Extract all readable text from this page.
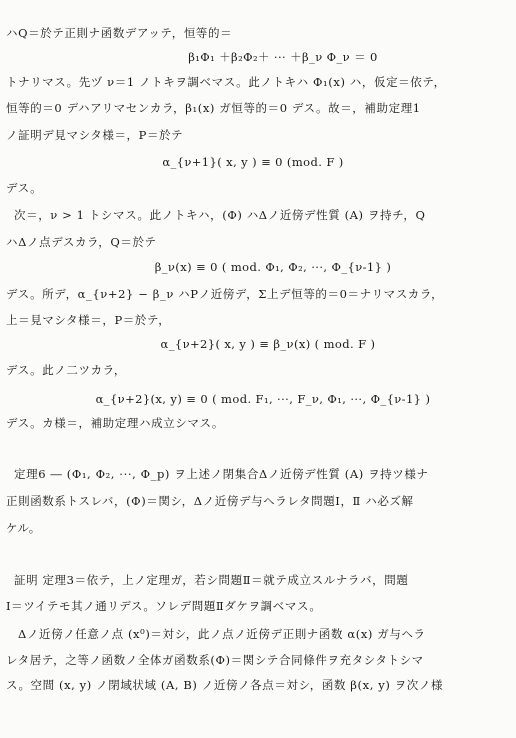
ハQ＝於テ正則ナ函数デアッテ，恒等的＝
β₁Φ₁ ＋β₂Φ₂＋ ··· ＋β_ν Φ_ν ＝ 0
トナリマス。先ヅ ν＝1 ノトキヲ調ベマス。此ノトキハ Φ₁(x) ハ，仮定＝依テ，
恒等的＝0 デハアリマセンカラ，β₁(x) ガ恒等的＝0 デス。故＝，補助定理1
ノ証明デ見マシタ様＝，P＝於テ
α_{ν+1}( x, y ) ≡ 0 (mod. F )
デス。
次＝，ν > 1 トシマス。此ノトキハ，(Φ) ハΔノ近傍デ性質 (A) ヲ持チ，Q
ハΔノ点デスカラ，Q＝於テ
β_ν(x) ≡ 0 ( mod. Φ₁, Φ₂, ···, Φ_{ν-1} )
デス。所デ，α_{ν+2} − β_ν ハPノ近傍デ，Σ上デ恒等的＝0＝ナリマスカラ，
上＝見マシタ様＝，P＝於テ，
α_{ν+2}( x, y ) ≡ β_ν(x) ( mod. F )
デス。此ノ二ツカラ，
α_{ν+2}(x, y) ≡ 0 ( mod. F₁, ···, F_ν, Φ₁, ···, Φ_{ν-1} )
デス。カ様＝，補助定理ハ成立シマス。
定理6 ― (Φ₁, Φ₂, ···, Φ_p) ヲ上述ノ閉集合Δノ近傍デ性質 (A) ヲ持ツ様ナ
正則函数系トスレバ，(Φ)＝関シ，Δノ近傍デ与ヘラレタ問題Ⅰ，Ⅱ ハ必ズ解
ケル。
証明 定理3＝依テ，上ノ定理ガ，若シ問題Ⅱ＝就テ成立スルナラバ，問題
Ⅰ＝ツイテモ其ノ通リデス。ソレデ問題Ⅱダケヲ調ベマス。
Δノ近傍ノ任意ノ点 (x⁰)＝対シ，此ノ点ノ近傍デ正則ナ函数 α(x) ガ与ヘラ
レタ居テ，之等ノ函数ノ全体ガ函数系(Φ)＝関シテ合同條件ヲ充タシタトシマ
ス。空間 (x, y) ノ閉域状域 (A, B) ノ近傍ノ各点＝対シ，函数 β(x, y) ヲ次ノ様
